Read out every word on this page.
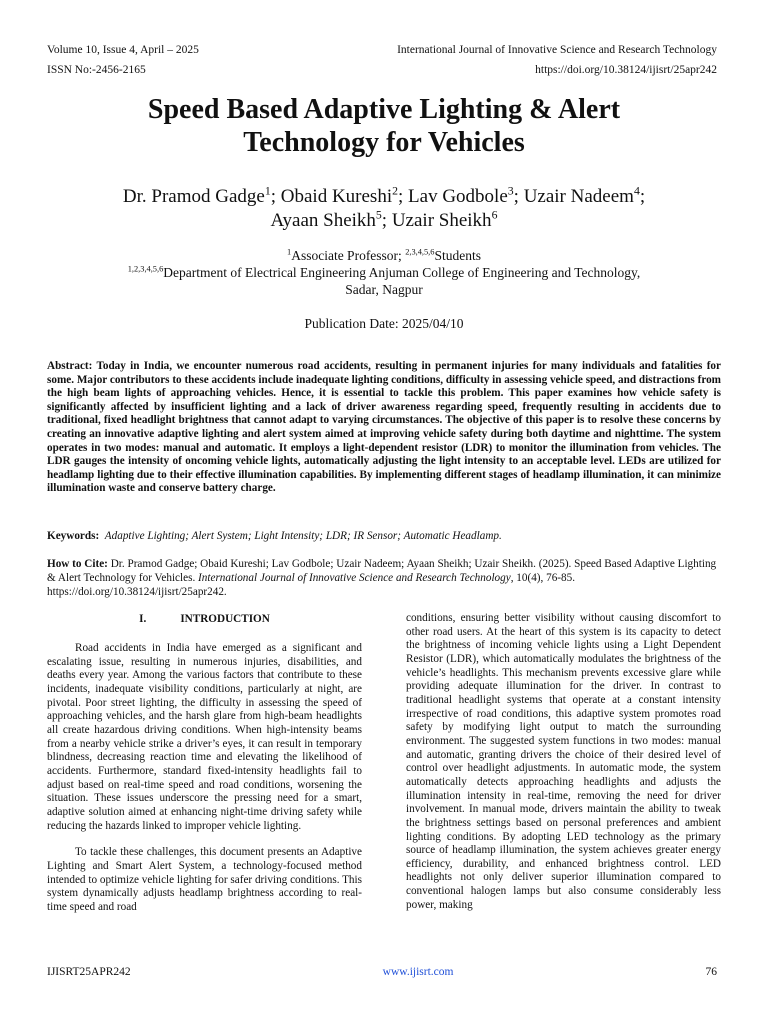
Volume 10, Issue 4, April – 2025	International Journal of Innovative Science and Research Technology
ISSN No:-2456-2165	https://doi.org/10.38124/ijisrt/25apr242
Speed Based Adaptive Lighting & Alert
Technology for Vehicles
Dr. Pramod Gadge$^1$; Obaid Kureshi$^2$; Lav Godbole$^3$; Uzair Nadeem$^4$;
Ayaan Sheikh$^5$; Uzair Sheikh$^6$
$^1$Associate Professor; $^{2,3,4,5,6}$Students
$^{1,2,3,4,5,6}$Department of Electrical Engineering Anjuman College of Engineering and Technology,
Sadar, Nagpur
Publication Date: 2025/04/10

Abstract: Today in India, we encounter numerous road accidents, resulting in permanent injuries for many individuals and fatalities for some. Major contributors to these accidents include inadequate lighting conditions, difficulty in assessing vehicle speed, and distractions from the high beam lights of approaching vehicles. Hence, it is essential to tackle this problem. This paper examines how vehicle safety is significantly affected by insufficient lighting and a lack of driver awareness regarding speed, frequently resulting in accidents due to traditional, fixed headlight brightness that cannot adapt to varying circumstances. The objective of this paper is to resolve these concerns by creating an innovative adaptive lighting and alert system aimed at improving vehicle safety during both daytime and nighttime. The system operates in two modes: manual and automatic. It employs a light-dependent resistor (LDR) to monitor the illumination from vehicles. The LDR gauges the intensity of oncoming vehicle lights, automatically adjusting the light intensity to an acceptable level. LEDs are utilized for headlamp lighting due to their effective illumination capabilities. By implementing different stages of headlamp illumination, it can minimize illumination waste and conserve battery charge.

Keywords: Adaptive Lighting; Alert System; Light Intensity; LDR; IR Sensor; Automatic Headlamp.

How to Cite: Dr. Pramod Gadge; Obaid Kureshi; Lav Godbole; Uzair Nadeem; Ayaan Sheikh; Uzair Sheikh. (2025). Speed Based Adaptive Lighting & Alert Technology for Vehicles. International Journal of Innovative Science and Research Technology, 10(4), 76-85. https://doi.org/10.38124/ijisrt/25apr242.

I.	INTRODUCTION

Road accidents in India have emerged as a significant and escalating issue, resulting in numerous injuries, disabilities, and deaths every year. Among the various factors that contribute to these incidents, inadequate visibility conditions, particularly at night, are pivotal. Poor street lighting, the difficulty in assessing the speed of approaching vehicles, and the harsh glare from high-beam headlights all create hazardous driving conditions. When high-intensity beams from a nearby vehicle strike a driver’s eyes, it can result in temporary blindness, decreasing reaction time and elevating the likelihood of accidents. Furthermore, standard fixed-intensity headlights fail to adjust based on real-time speed and road conditions, worsening the situation. These issues underscore the pressing need for a smart, adaptive solution aimed at enhancing night-time driving safety while reducing the hazards linked to improper vehicle lighting.

To tackle these challenges, this document presents an Adaptive Lighting and Smart Alert System, a technology-focused method intended to optimize vehicle lighting for safer driving conditions. This system dynamically adjusts headlamp brightness according to real-time speed and road

conditions, ensuring better visibility without causing discomfort to other road users. At the heart of this system is its capacity to detect the brightness of incoming vehicle lights using a Light Dependent Resistor (LDR), which automatically modulates the brightness of the vehicle’s headlights. This mechanism prevents excessive glare while providing adequate illumination for the driver. In contrast to traditional headlight systems that operate at a constant intensity irrespective of road conditions, this adaptive system promotes road safety by modifying light output to match the surrounding environment. The suggested system functions in two modes: manual and automatic, granting drivers the choice of their desired level of control over headlight adjustments. In automatic mode, the system automatically detects approaching headlights and adjusts the illumination intensity in real-time, removing the need for driver involvement. In manual mode, drivers maintain the ability to tweak the brightness settings based on personal preferences and ambient lighting conditions. By adopting LED technology as the primary source of headlamp illumination, the system achieves greater energy efficiency, durability, and enhanced brightness control. LED headlights not only deliver superior illumination compared to conventional halogen lamps but also consume considerably less power, making

IJISRT25APR242	www.ijisrt.com	76
